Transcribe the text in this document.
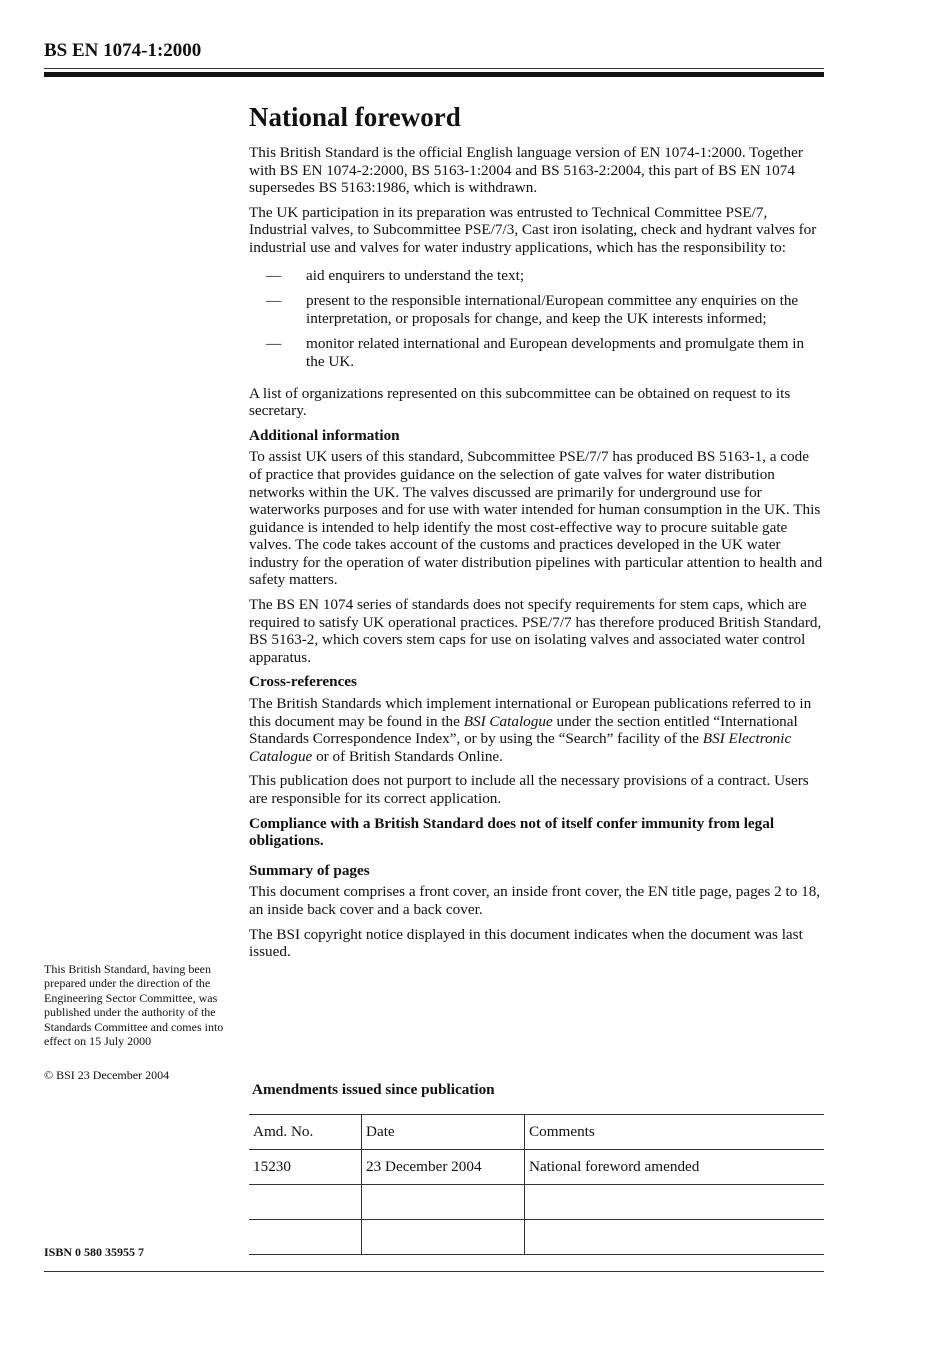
BS EN 1074-1:2000
National foreword

This British Standard is the official English language version of EN 1074-1:2000. Together with BS EN 1074-2:2000, BS 5163-1:2004 and BS 5163-2:2004, this part of BS EN 1074 supersedes BS 5163:1986, which is withdrawn.

The UK participation in its preparation was entrusted to Technical Committee PSE/7, Industrial valves, to Subcommittee PSE/7/3, Cast iron isolating, check and hydrant valves for industrial use and valves for water industry applications, which has the responsibility to:

— aid enquirers to understand the text;
— present to the responsible international/European committee any enquiries on the interpretation, or proposals for change, and keep the UK interests informed;
— monitor related international and European developments and promulgate them in the UK.

A list of organizations represented on this subcommittee can be obtained on request to its secretary.

Additional information

To assist UK users of this standard, Subcommittee PSE/7/7 has produced BS 5163-1, a code of practice that provides guidance on the selection of gate valves for water distribution networks within the UK. The valves discussed are primarily for underground use for waterworks purposes and for use with water intended for human consumption in the UK. This guidance is intended to help identify the most cost-effective way to procure suitable gate valves. The code takes account of the customs and practices developed in the UK water industry for the operation of water distribution pipelines with particular attention to health and safety matters.

The BS EN 1074 series of standards does not specify requirements for stem caps, which are required to satisfy UK operational practices. PSE/7/7 has therefore produced British Standard, BS 5163-2, which covers stem caps for use on isolating valves and associated water control apparatus.

Cross-references

The British Standards which implement international or European publications referred to in this document may be found in the BSI Catalogue under the section entitled “International Standards Correspondence Index”, or by using the “Search” facility of the BSI Electronic Catalogue or of British Standards Online.

This publication does not purport to include all the necessary provisions of a contract. Users are responsible for its correct application.

Compliance with a British Standard does not of itself confer immunity from legal obligations.

Summary of pages

This document comprises a front cover, an inside front cover, the EN title page, pages 2 to 18, an inside back cover and a back cover.

The BSI copyright notice displayed in this document indicates when the document was last issued.

This British Standard, having been prepared under the direction of the Engineering Sector Committee, was published under the authority of the Standards Committee and comes into effect on 15 July 2000
© BSI 23 December 2004
ISBN 0 580 35955 7
Amendments issued since publication
Amd. No.	Date	Comments
15230	23 December 2004	National foreword amended
